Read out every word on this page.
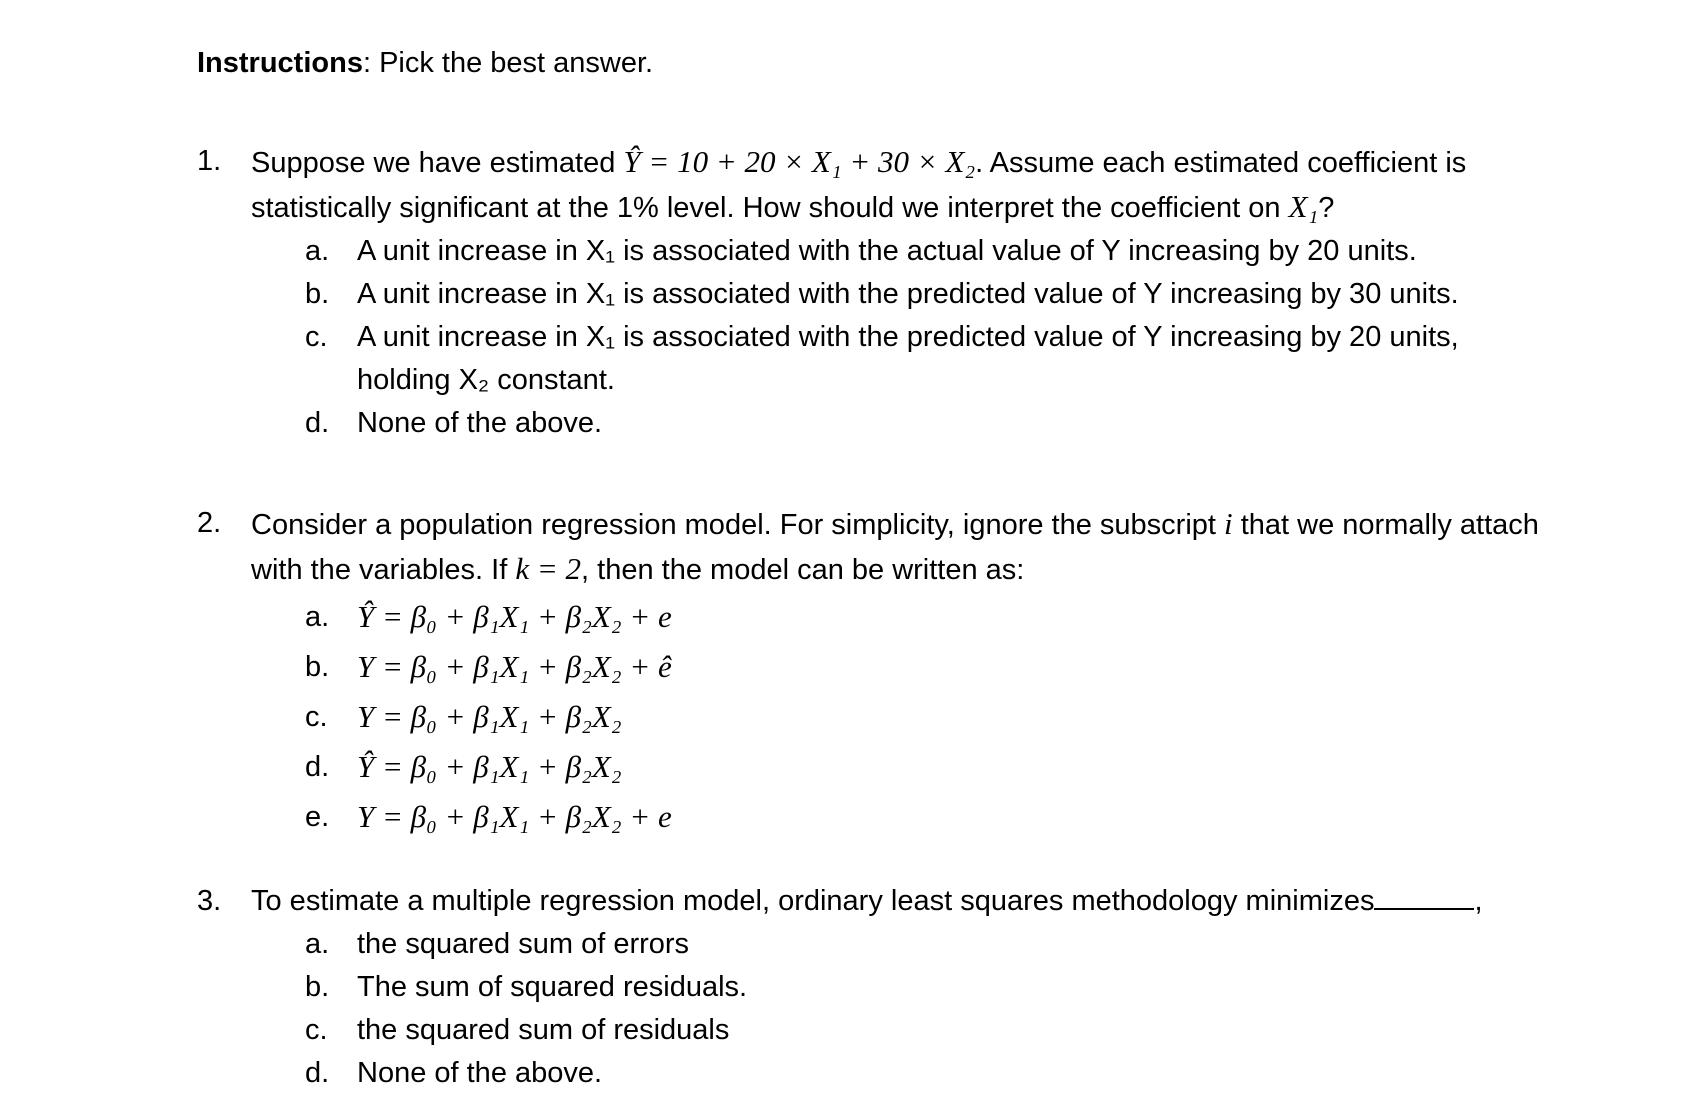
Instructions: Pick the best answer.
1. Suppose we have estimated Ŷ = 10 + 20 × X₁ + 30 × X₂. Assume each estimated coefficient is statistically significant at the 1% level. How should we interpret the coefficient on X₁?
a. A unit increase in X₁ is associated with the actual value of Y increasing by 20 units.
b. A unit increase in X₁ is associated with the predicted value of Y increasing by 30 units.
c. A unit increase in X₁ is associated with the predicted value of Y increasing by 20 units, holding X₂ constant.
d. None of the above.
2. Consider a population regression model. For simplicity, ignore the subscript i that we normally attach with the variables. If k = 2, then the model can be written as:
a. Ŷ = β₀ + β₁X₁ + β₂X₂ + e
b. Y = β₀ + β₁X₁ + β₂X₂ + ê
c. Y = β₀ + β₁X₁ + β₂X₂
d. Ŷ = β₀ + β₁X₁ + β₂X₂
e. Y = β₀ + β₁X₁ + β₂X₂ + e
3. To estimate a multiple regression model, ordinary least squares methodology minimizes	,
a. the squared sum of errors
b. The sum of squared residuals.
c. the squared sum of residuals
d. None of the above.
